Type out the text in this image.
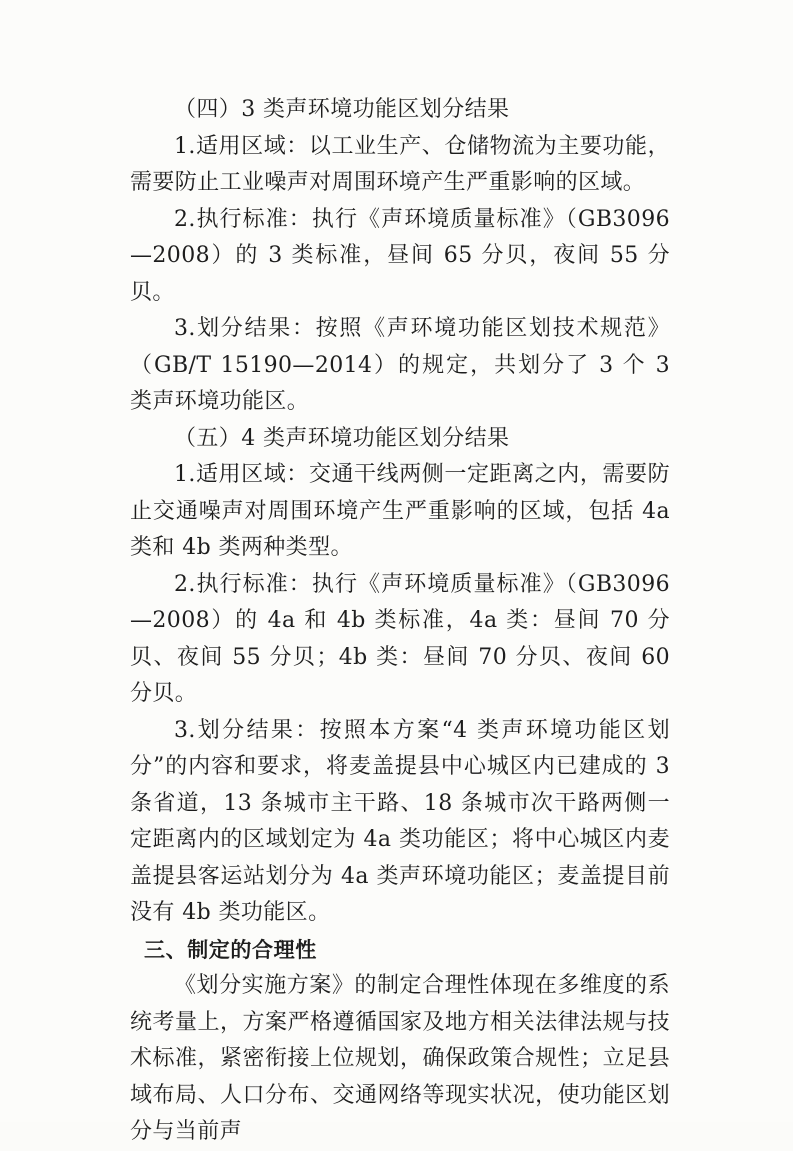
（四）3 类声环境功能区划分结果

1.适用区域：以工业生产、仓储物流为主要功能，需要防止工业噪声对周围环境产生严重影响的区域。

2.执行标准：执行《声环境质量标准》（GB3096—2008）的 3 类标准，昼间 65 分贝，夜间 55 分贝。

3.划分结果：按照《声环境功能区划技术规范》（GB/T 15190—2014）的规定，共划分了 3 个 3 类声环境功能区。

（五）4 类声环境功能区划分结果

1.适用区域：交通干线两侧一定距离之内，需要防止交通噪声对周围环境产生严重影响的区域，包括 4a 类和 4b 类两种类型。

2.执行标准：执行《声环境质量标准》（GB3096—2008）的 4a 和 4b 类标准，4a 类：昼间 70 分贝、夜间 55 分贝；4b 类：昼间 70 分贝、夜间 60 分贝。

3.划分结果：按照本方案“4 类声环境功能区划分”的内容和要求，将麦盖提县中心城区内已建成的 3 条省道，13 条城市主干路、18 条城市次干路两侧一定距离内的区域划定为 4a 类功能区；将中心城区内麦盖提县客运站划分为 4a 类声环境功能区；麦盖提目前没有 4b 类功能区。

三、制定的合理性

《划分实施方案》的制定合理性体现在多维度的系统考量上，方案严格遵循国家及地方相关法律法规与技术标准，紧密衔接上位规划，确保政策合规性；立足县域布局、人口分布、交通网络等现实状况，使功能区划分与当前声
